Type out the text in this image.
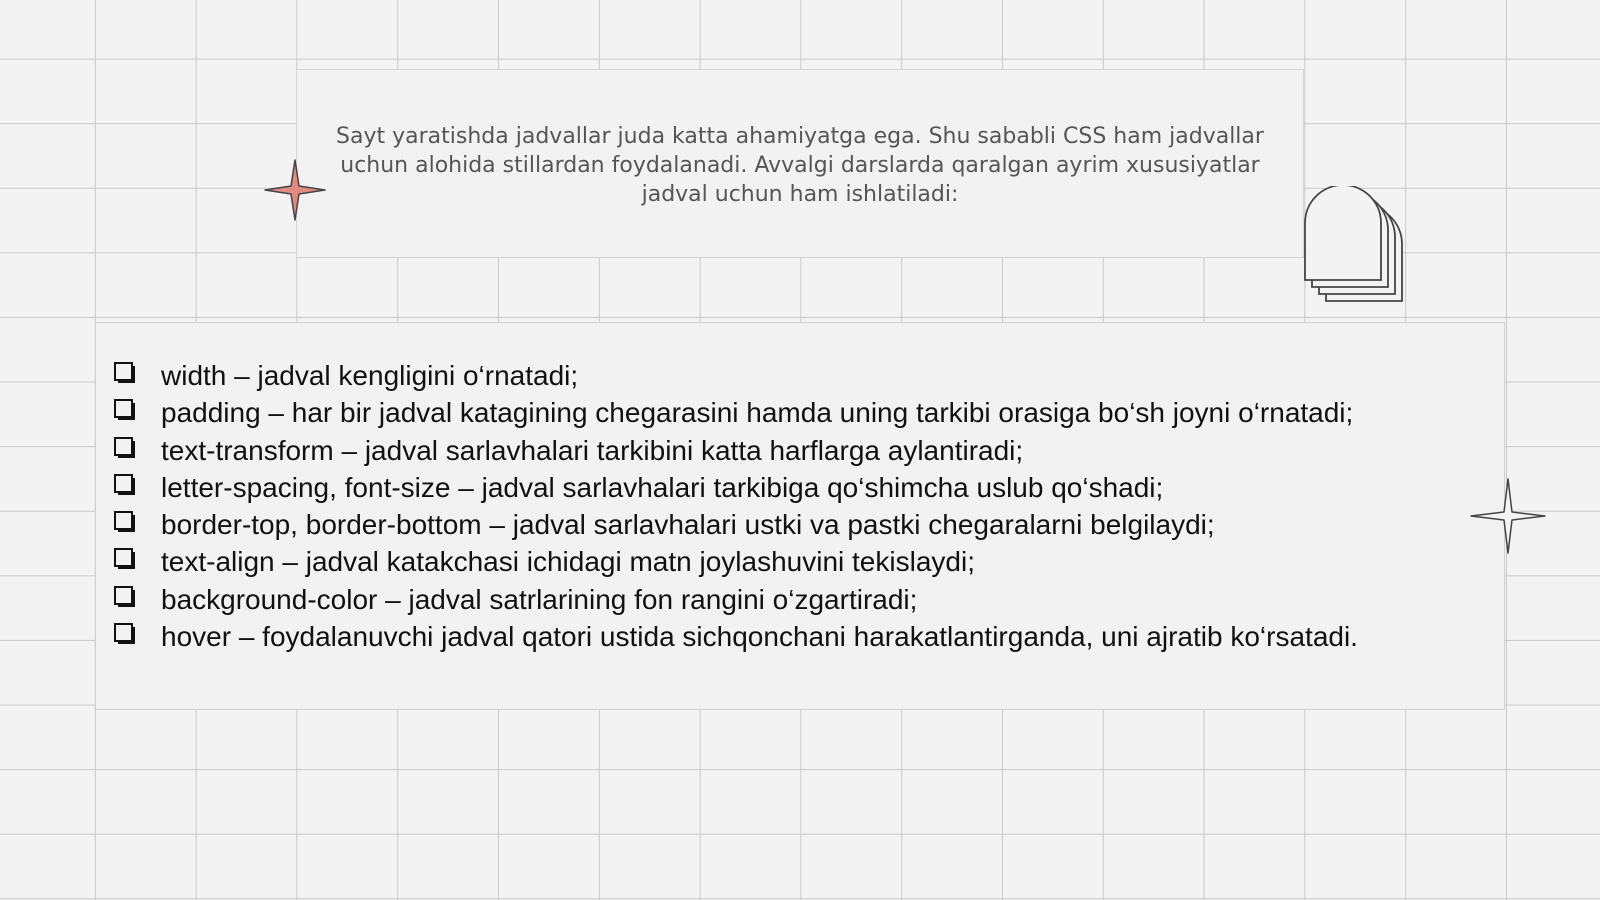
Sayt yaratishda jadvallar juda katta ahamiyatga ega. Shu sababli CSS ham jadvallar uchun alohida stillardan foydalanadi. Avvalgi darslarda qaralgan ayrim xususiyatlar jadval uchun ham ishlatiladi:
width – jadval kengligini o‘rnatadi;
padding – har bir jadval katagining chegarasini hamda uning tarkibi orasiga bo‘sh joyni o‘rnatadi;
text-transform – jadval sarlavhalari tarkibini katta harflarga aylantiradi;
letter-spacing, font-size – jadval sarlavhalari tarkibiga qo‘shimcha uslub qo‘shadi;
border-top, border-bottom – jadval sarlavhalari ustki va pastki chegaralarni belgilaydi;
text-align – jadval katakchasi ichidagi matn joylashuvini tekislaydi;
background-color – jadval satrlarining fon rangini o‘zgartiradi;
hover – foydalanuvchi jadval qatori ustida sichqonchani harakatlantirganda, uni ajratib ko‘rsatadi.
